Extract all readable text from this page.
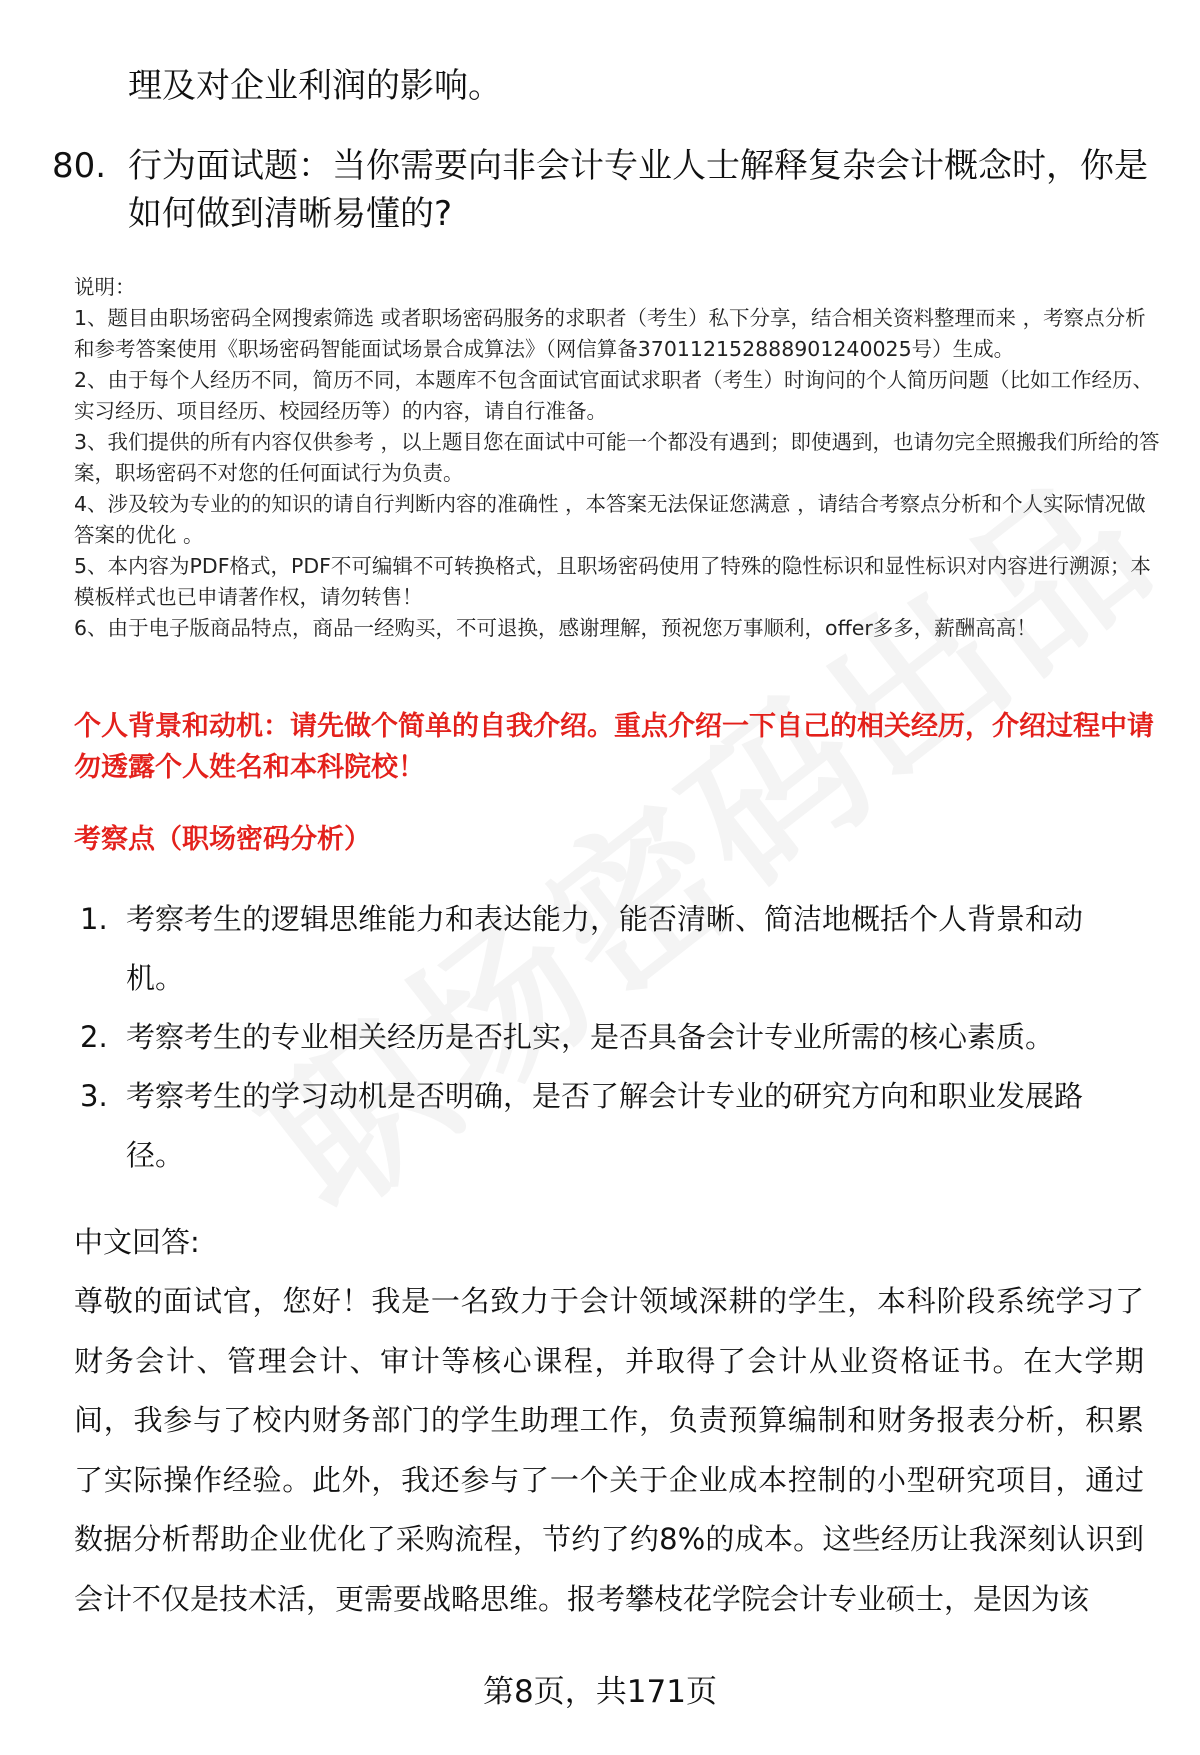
理及对企业利润的影响。
80. 行为面试题：当你需要向非会计专业人士解释复杂会计概念时，你是如何做到清晰易懂的?

说明：

1、题目由职场密码全网搜索筛选 或者职场密码服务的求职者（考生）私下分享，结合相关资料整理而来 ，考察点分析和参考答案使用《职场密码智能面试场景合成算法》（网信算备370112152888901240025号）生成。

2、由于每个人经历不同，简历不同，本题库不包含面试官面试求职者（考生）时询问的个人简历问题（比如工作经历、实习经历、项目经历、校园经历等）的内容，请自行准备。

3、我们提供的所有内容仅供参考 ，以上题目您在面试中可能一个都没有遇到；即使遇到，也请勿完全照搬我们所给的答案，职场密码不对您的任何面试行为负责。

4、涉及较为专业的的知识的请自行判断内容的准确性 ，本答案无法保证您满意 ，请结合考察点分析和个人实际情况做答案的优化 。

5、本内容为PDF格式，PDF不可编辑不可转换格式，且职场密码使用了特殊的隐性标识和显性标识对内容进行溯源；本模板样式也已申请著作权，请勿转售！

6、由于电子版商品特点，商品一经购买，不可退换，感谢理解，预祝您万事顺利，offer多多，薪酬高高！

个人背景和动机：请先做个简单的自我介绍。重点介绍一下自己的相关经历，介绍过程中请勿透露个人姓名和本科院校！
考察点（职场密码分析）
1. 考察考生的逻辑思维能力和表达能力，能否清晰、简洁地概括个人背景和动机。
2. 考察考生的专业相关经历是否扎实，是否具备会计专业所需的核心素质。
3. 考察考生的学习动机是否明确，是否了解会计专业的研究方向和职业发展路径。
中文回答:
尊敬的面试官，您好！我是一名致力于会计领域深耕的学生，本科阶段系统学习了财务会计、管理会计、审计等核心课程，并取得了会计从业资格证书。在大学期间，我参与了校内财务部门的学生助理工作，负责预算编制和财务报表分析，积累了实际操作经验。此外，我还参与了一个关于企业成本控制的小型研究项目，通过数据分析帮助企业优化了采购流程，节约了约8%的成本。这些经历让我深刻认识到会计不仅是技术活，更需要战略思维。报考攀枝花学院会计专业硕士，是因为该
第8页，共171页
